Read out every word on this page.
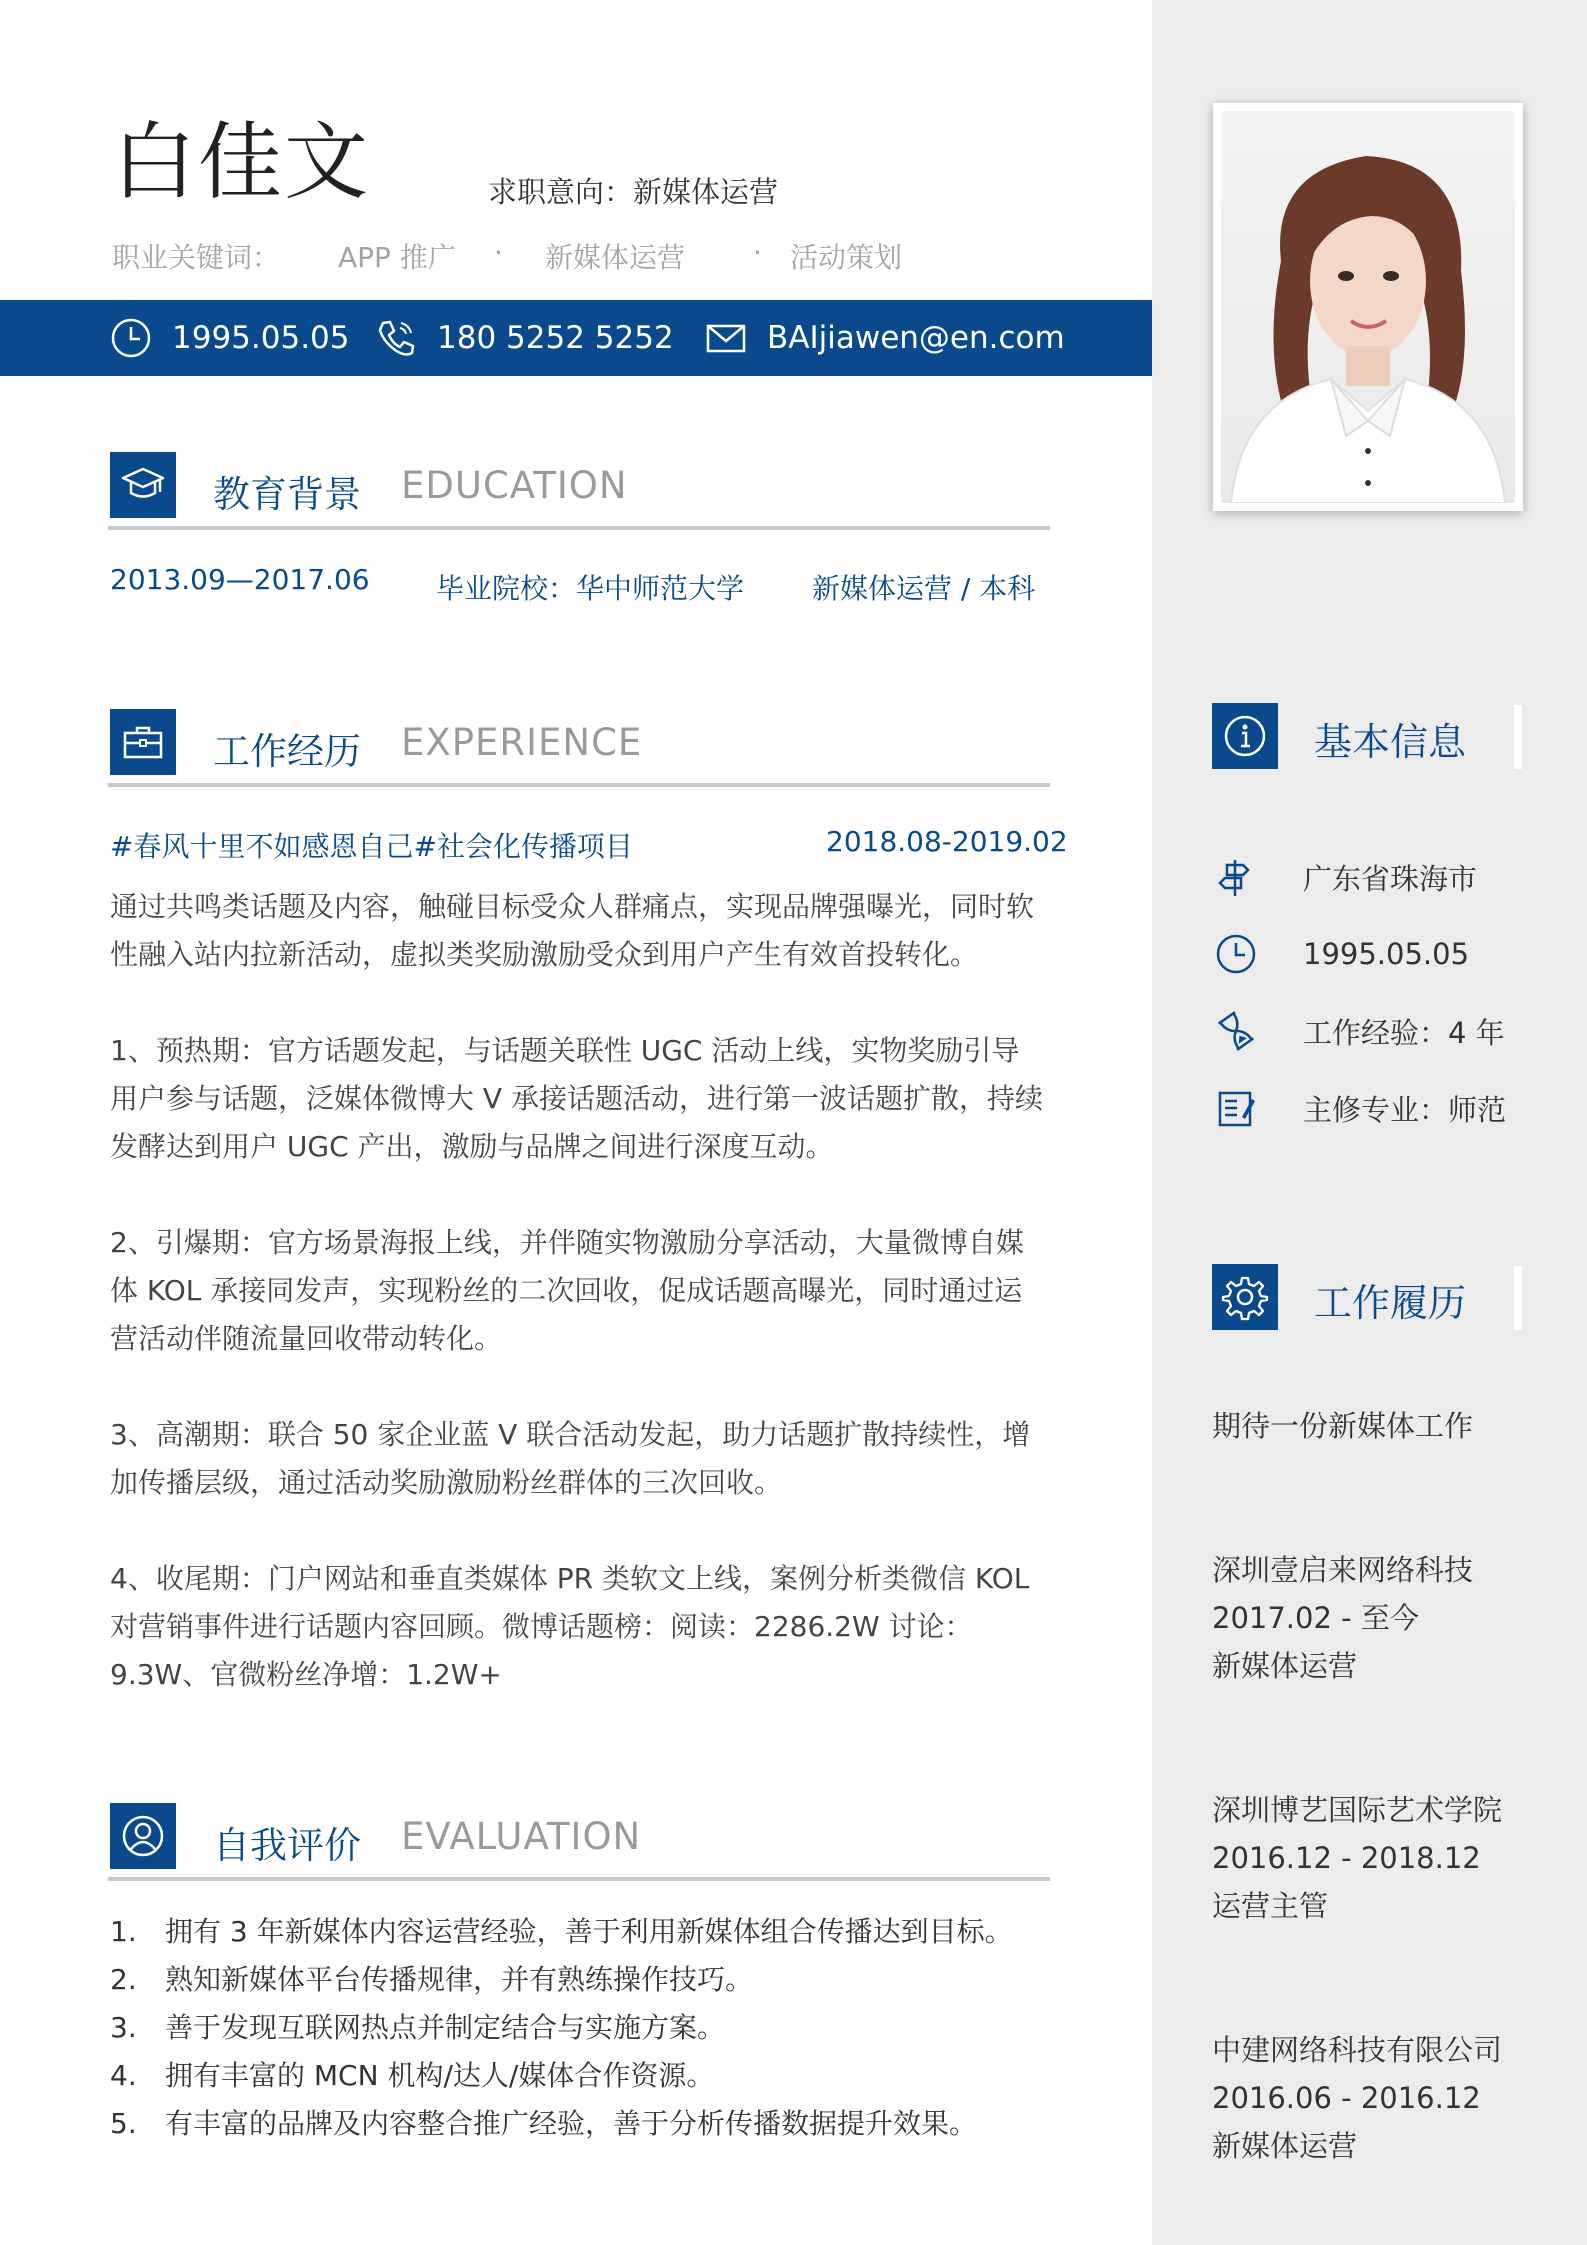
白佳文	求职意向：新媒体运营
职业关键词： APP 推广 · 新媒体运营 · 活动策划
1995.05.05	180 5252 5252	BAIjiawen@en.com
教育背景 EDUCATION
2013.09—2017.06 毕业院校：华中师范大学 新媒体运营 / 本科
工作经历 EXPERIENCE
#春风十里不如感恩自己#社会化传播项目	2018.08-2019.02

通过共鸣类话题及内容，触碰目标受众人群痛点，实现品牌强曝光，同时软性融入站内拉新活动，虚拟类奖励激励受众到用户产生有效首投转化。

1、预热期：官方话题发起，与话题关联性 UGC 活动上线，实物奖励引导用户参与话题，泛媒体微博大 V 承接话题活动，进行第一波话题扩散，持续发酵达到用户 UGC 产出，激励与品牌之间进行深度互动。

2、引爆期：官方场景海报上线，并伴随实物激励分享活动，大量微博自媒体 KOL 承接同发声，实现粉丝的二次回收，促成话题高曝光，同时通过运营活动伴随流量回收带动转化。

3、高潮期：联合 50 家企业蓝 V 联合活动发起，助力话题扩散持续性，增加传播层级，通过活动奖励激励粉丝群体的三次回收。

4、收尾期：门户网站和垂直类媒体 PR 类软文上线，案例分析类微信 KOL 对营销事件进行话题内容回顾。微博话题榜：阅读：2286.2W 讨论：9.3W、官微粉丝净增：1.2W+

自我评价 EVALUATION
1.	拥有 3 年新媒体内容运营经验，善于利用新媒体组合传播达到目标。
2.	熟知新媒体平台传播规律，并有熟练操作技巧。
3.	善于发现互联网热点并制定结合与实施方案。
4.	拥有丰富的 MCN 机构/达人/媒体合作资源。
5.	有丰富的品牌及内容整合推广经验，善于分析传播数据提升效果。
基本信息
广东省珠海市
1995.05.05
工作经验：4 年
主修专业：师范
工作履历
期待一份新媒体工作
深圳壹启来网络科技
2017.02 - 至今
新媒体运营
深圳博艺国际艺术学院
2016.12 - 2018.12
运营主管
中建网络科技有限公司
2016.06 - 2016.12
新媒体运营
